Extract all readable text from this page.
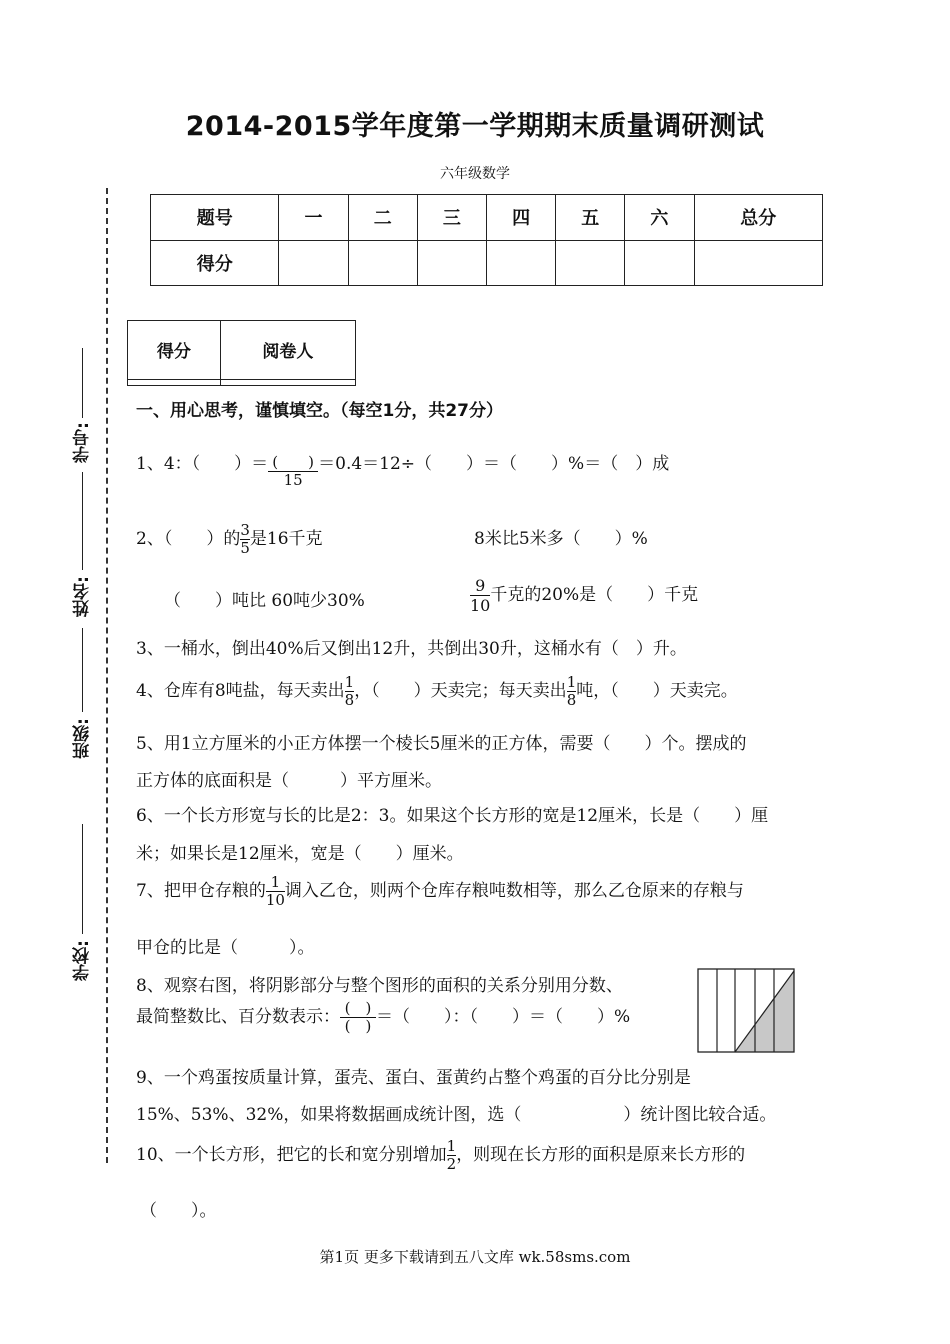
2014-2015学年度第一学期期末质量调研测试
六年级数学
题号	一	二	三	四	五	六	总分
得分							
得分	阅卷人

学号:
姓名:
班级:
学校:
一、用心思考，谨慎填空。（每空1分，共27分）
1、4：（　　）＝ $\frac{( )}{15} =0.4=12\div$（　　）＝（　　）%＝（　）成
2、（　　）的 $\frac{3}{5}$ 是16千克	8米比5米多（　　）%
（　　）吨比 60吨少30%	$\frac{9}{10}$ 千克的20%是（　　）千克
3、一桶水，倒出40%后又倒出12升，共倒出30升，这桶水有（　）升。
4、仓库有8吨盐，每天卖出 $\frac{1}{8}$ ，（　　）天卖完；每天卖出 $\frac{1}{8}$ 吨，（　　）天卖完。
5、用1立方厘米的小正方体摆一个棱长5厘米的正方体，需要（　　）个。摆成的
正方体的底面积是（　　　）平方厘米。
6、一个长方形宽与长的比是2：3。如果这个长方形的宽是12厘米，长是（　　）厘
米；如果长是12厘米，宽是（　　）厘米。
7、把甲仓存粮的 $\frac{1}{10}$ 调入乙仓，则两个仓库存粮吨数相等，那么乙仓原来的存粮与
甲仓的比是（　　　）。
8、观察右图，将阴影部分与整个图形的面积的关系分别用分数、
最简整数比、百分数表示： $\frac{( )}{( )}$ ＝（　　）：（　　）＝（　　）%
9、一个鸡蛋按质量计算，蛋壳、蛋白、蛋黄约占整个鸡蛋的百分比分别是
15%、53%、32%，如果将数据画成统计图，选（　　　　　　）统计图比较合适。
10、一个长方形，把它的长和宽分别增加 $\frac{1}{2}$ ，则现在长方形的面积是原来长方形的
（　　）。
第1页 更多下载请到五八文库 wk.58sms.com
